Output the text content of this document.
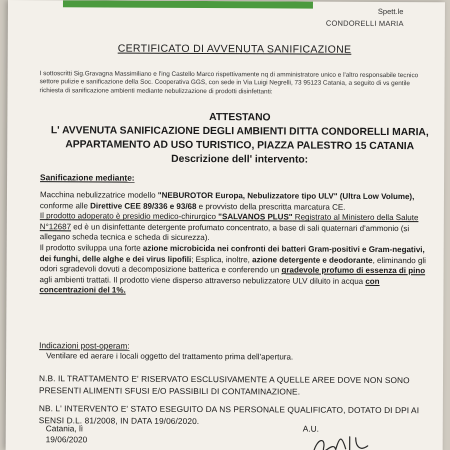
Spett.le
CONDORELLI MARIA
CERTIFICATO DI AVVENUTA SANIFICAZIONE
I sottoscritti Sig.Gravagna Massimiliano e l'ing Castello Marco rispettivamente nq di amministratore unico e l'altro responsabile tecnico settore pulizie e sanificazione della Soc. Cooperativa GGS, con sede in Via Luigi Negrelli, 73 95123 Catania, a seguito di vs gentile richiesta di sanificazione ambienti mediante nebulizzazione di prodotti disinfettanti:
ATTESTANO
L' AVVENUTA SANIFICAZIONE DEGLI AMBIENTI DITTA CONDORELLI MARIA,
APPARTAMENTO AD USO TURISTICO, PIAZZA PALESTRO 15 CATANIA
Descrizione dell' intervento:
Sanificazione mediante:
Macchina nebulizzatrice modello "NEBUROTOR Europa, Nebulizzatore tipo ULV" (Ultra Low Volume), conforme alle Direttive CEE 89/336 e 93/68 e provvisto della prescritta marcatura CE.
Il prodotto adoperato è presidio medico-chirurgico "SALVANOS PLUS" Registrato al Ministero della Salute N°12687 ed è un disinfettante detergente profumato concentrato, a base di sali quaternari d'ammonio (si allegano scheda tecnica e scheda di sicurezza).
Il prodotto sviluppa una forte azione microbicida nei confronti dei batteri Gram-positivi e Gram-negativi, dei funghi, delle alghe e dei virus lipofili; Esplica, inoltre, azione detergente e deodorante, eliminando gli odori sgradevoli dovuti a decomposizione batterica e conferendo un gradevole profumo di essenza di pino agli ambienti trattati. Il prodotto viene disperso attraverso nebulizzatore ULV diluito in acqua con concentrazioni del 1%.
Indicazioni post-operam:
Ventilare ed aerare i locali oggetto del trattamento prima dell'apertura.
N.B. IL TRATTAMENTO E' RISERVATO ESCLUSIVAMENTE A QUELLE AREE DOVE NON SONO PRESENTI ALIMENTI SFUSI E/O PASSIBILI DI CONTAMINAZIONE.
NB. L' INTERVENTO E' STATO ESEGUITO DA NS PERSONALE QUALIFICATO, DOTATO DI DPI AI SENSI D.L. 81/2008, IN DATA 19/06/2020.
Catania, lì
19/06/2020
A.U.
